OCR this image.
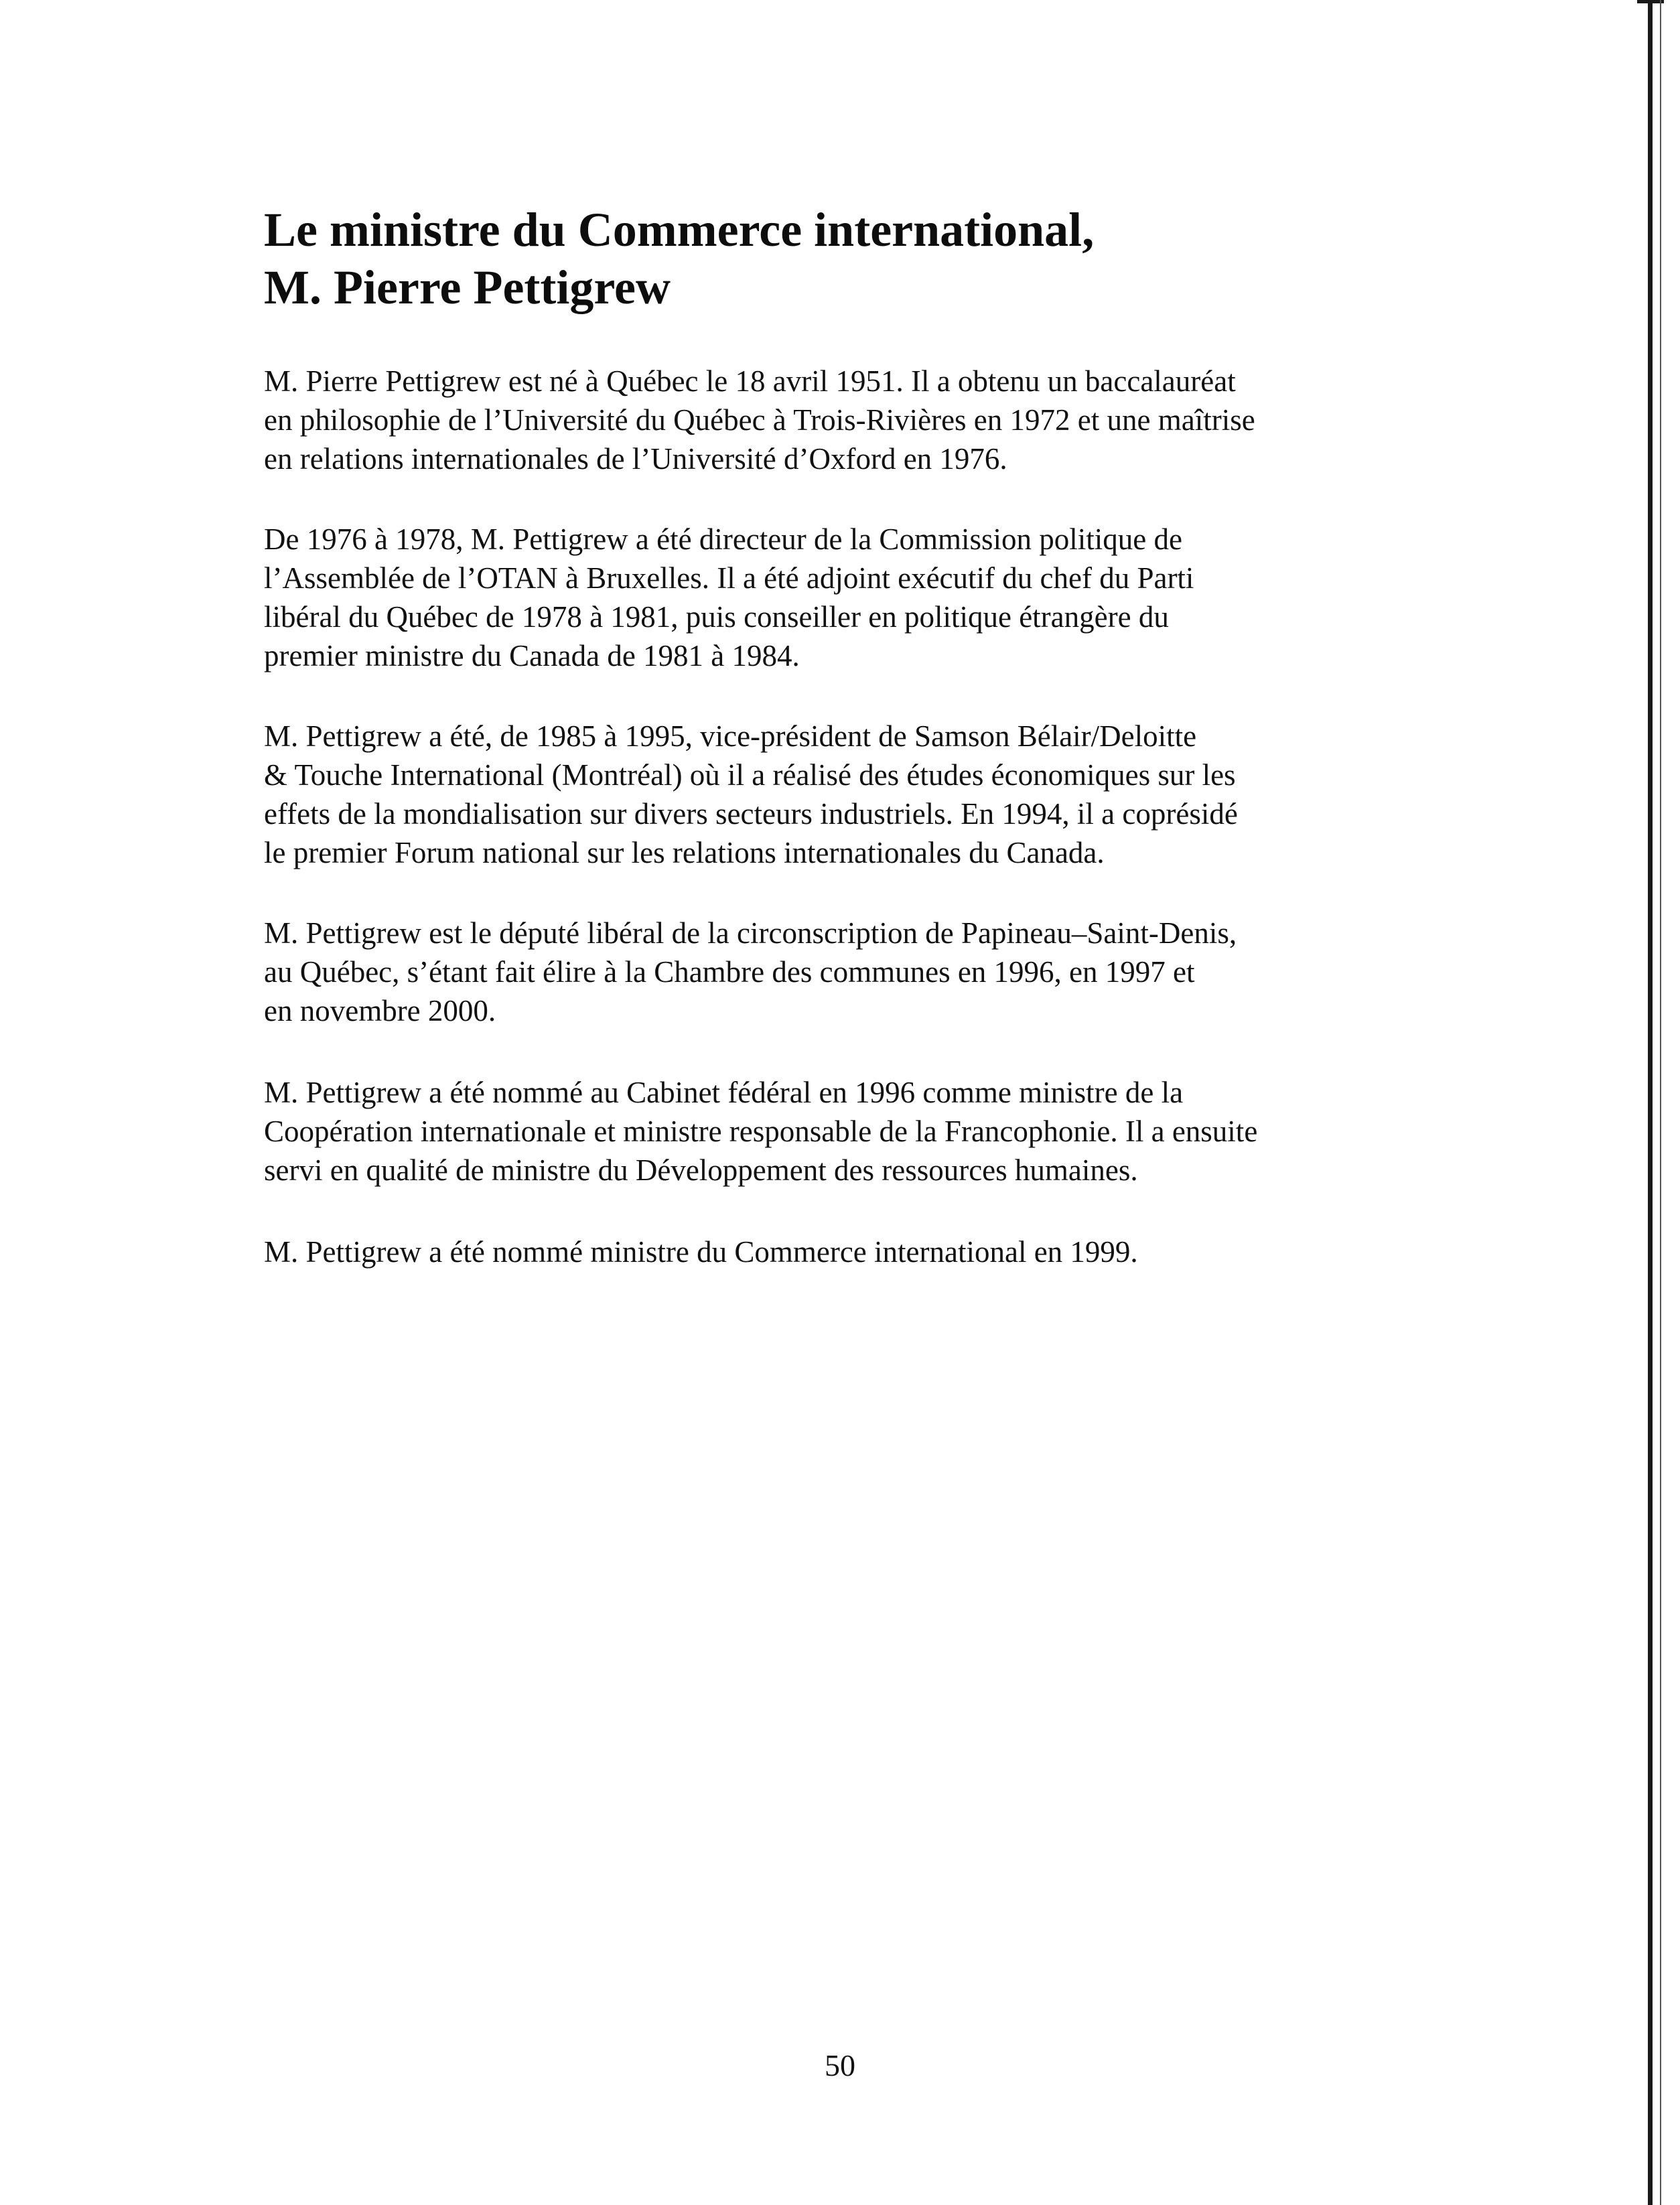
Le ministre du Commerce international,
M. Pierre Pettigrew

M. Pierre Pettigrew est né à Québec le 18 avril 1951. Il a obtenu un baccalauréat
en philosophie de l’Université du Québec à Trois-Rivières en 1972 et une maîtrise
en relations internationales de l’Université d’Oxford en 1976.

De 1976 à 1978, M. Pettigrew a été directeur de la Commission politique de
l’Assemblée de l’OTAN à Bruxelles. Il a été adjoint exécutif du chef du Parti
libéral du Québec de 1978 à 1981, puis conseiller en politique étrangère du
premier ministre du Canada de 1981 à 1984.

M. Pettigrew a été, de 1985 à 1995, vice-président de Samson Bélair/Deloitte
& Touche International (Montréal) où il a réalisé des études économiques sur les
effets de la mondialisation sur divers secteurs industriels. En 1994, il a coprésidé
le premier Forum national sur les relations internationales du Canada.

M. Pettigrew est le député libéral de la circonscription de Papineau–Saint-Denis,
au Québec, s’étant fait élire à la Chambre des communes en 1996, en 1997 et
en novembre 2000.

M. Pettigrew a été nommé au Cabinet fédéral en 1996 comme ministre de la
Coopération internationale et ministre responsable de la Francophonie. Il a ensuite
servi en qualité de ministre du Développement des ressources humaines.

M. Pettigrew a été nommé ministre du Commerce international en 1999.

50
